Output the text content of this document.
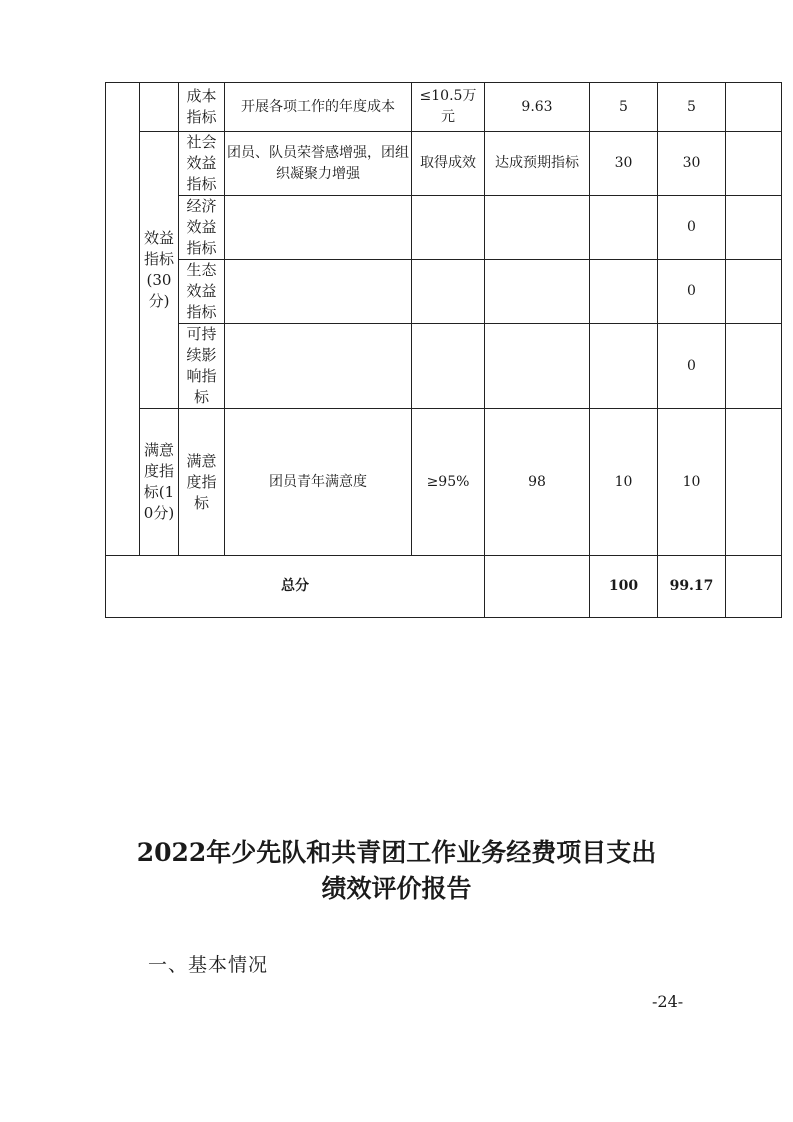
		成本指标	开展各项工作的年度成本	≤10.5万元	9.63	5	5	
	效益指标(30分)	社会效益指标	团员、队员荣誉感增强，团组织凝聚力增强	取得成效	达成预期指标	30	30	
		经济效益指标					0	
		生态效益指标					0	
		可持续影响指标					0	
	满意度指标(10分)	满意度指标	团员青年满意度	≥95%	98	10	10	
总分						100	99.17	
2022年少先队和共青团工作业务经费项目支出
绩效评价报告
一、基本情况
-24-
